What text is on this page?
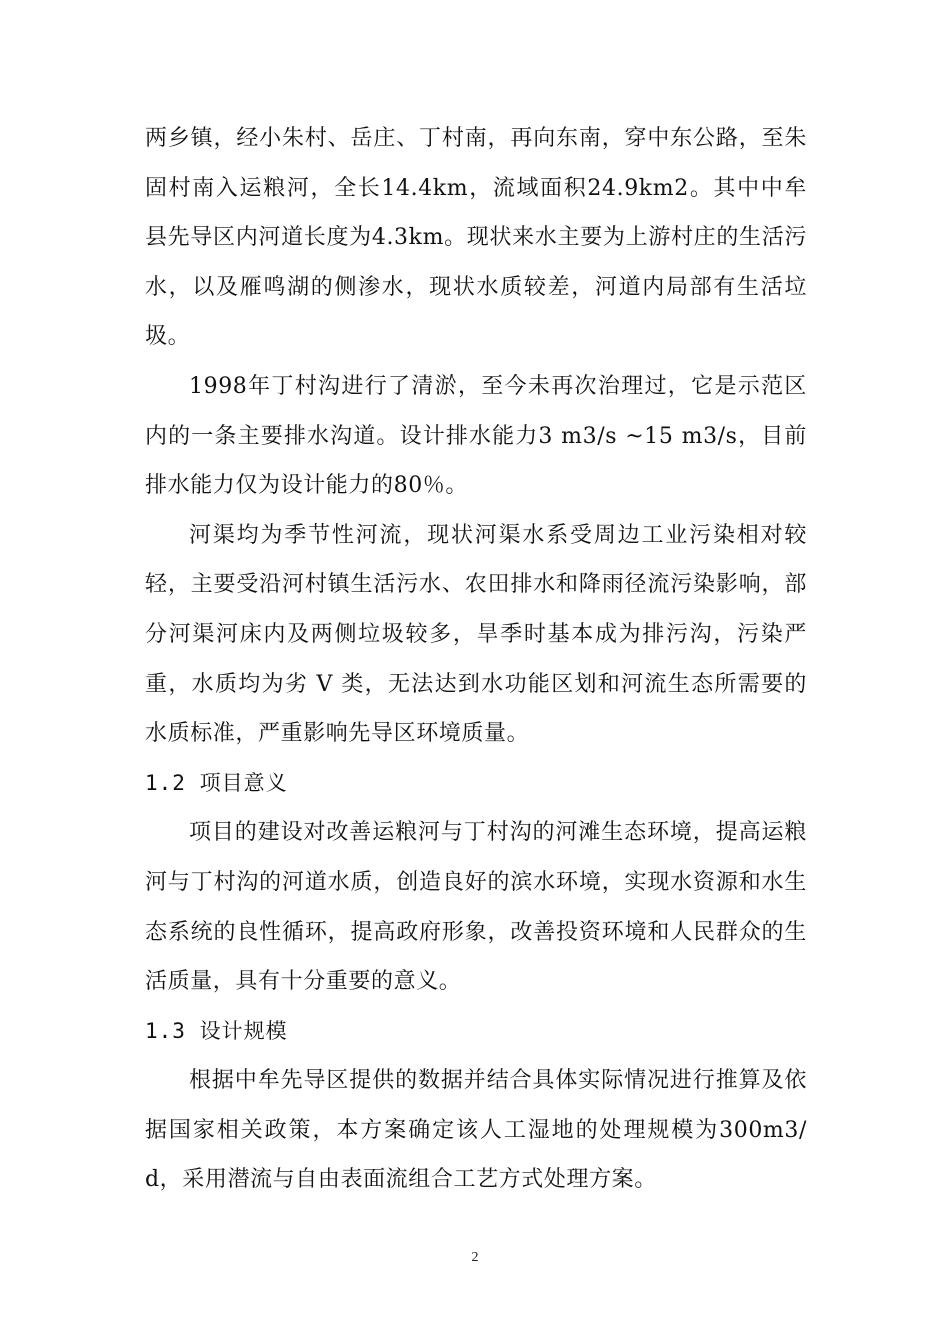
两乡镇，经小朱村、岳庄、丁村南，再向东南，穿中东公路，至朱固村南入运粮河，全长14.4km，流域面积24.9km2。其中中牟县先导区内河道长度为4.3km。现状来水主要为上游村庄的生活污水，以及雁鸣湖的侧渗水，现状水质较差，河道内局部有生活垃圾。

1998年丁村沟进行了清淤，至今未再次治理过，它是示范区内的一条主要排水沟道。设计排水能力3 m3/s ~15 m3/s，目前排水能力仅为设计能力的80％。

河渠均为季节性河流，现状河渠水系受周边工业污染相对较轻，主要受沿河村镇生活污水、农田排水和降雨径流污染影响，部分河渠河床内及两侧垃圾较多，旱季时基本成为排污沟，污染严重，水质均为劣 V 类，无法达到水功能区划和河流生态所需要的水质标准，严重影响先导区环境质量。

1.2 项目意义

项目的建设对改善运粮河与丁村沟的河滩生态环境，提高运粮河与丁村沟的河道水质，创造良好的滨水环境，实现水资源和水生态系统的良性循环，提高政府形象，改善投资环境和人民群众的生活质量，具有十分重要的意义。

1.3 设计规模

根据中牟先导区提供的数据并结合具体实际情况进行推算及依据国家相关政策，本方案确定该人工湿地的处理规模为300m3/d，采用潜流与自由表面流组合工艺方式处理方案。

2
